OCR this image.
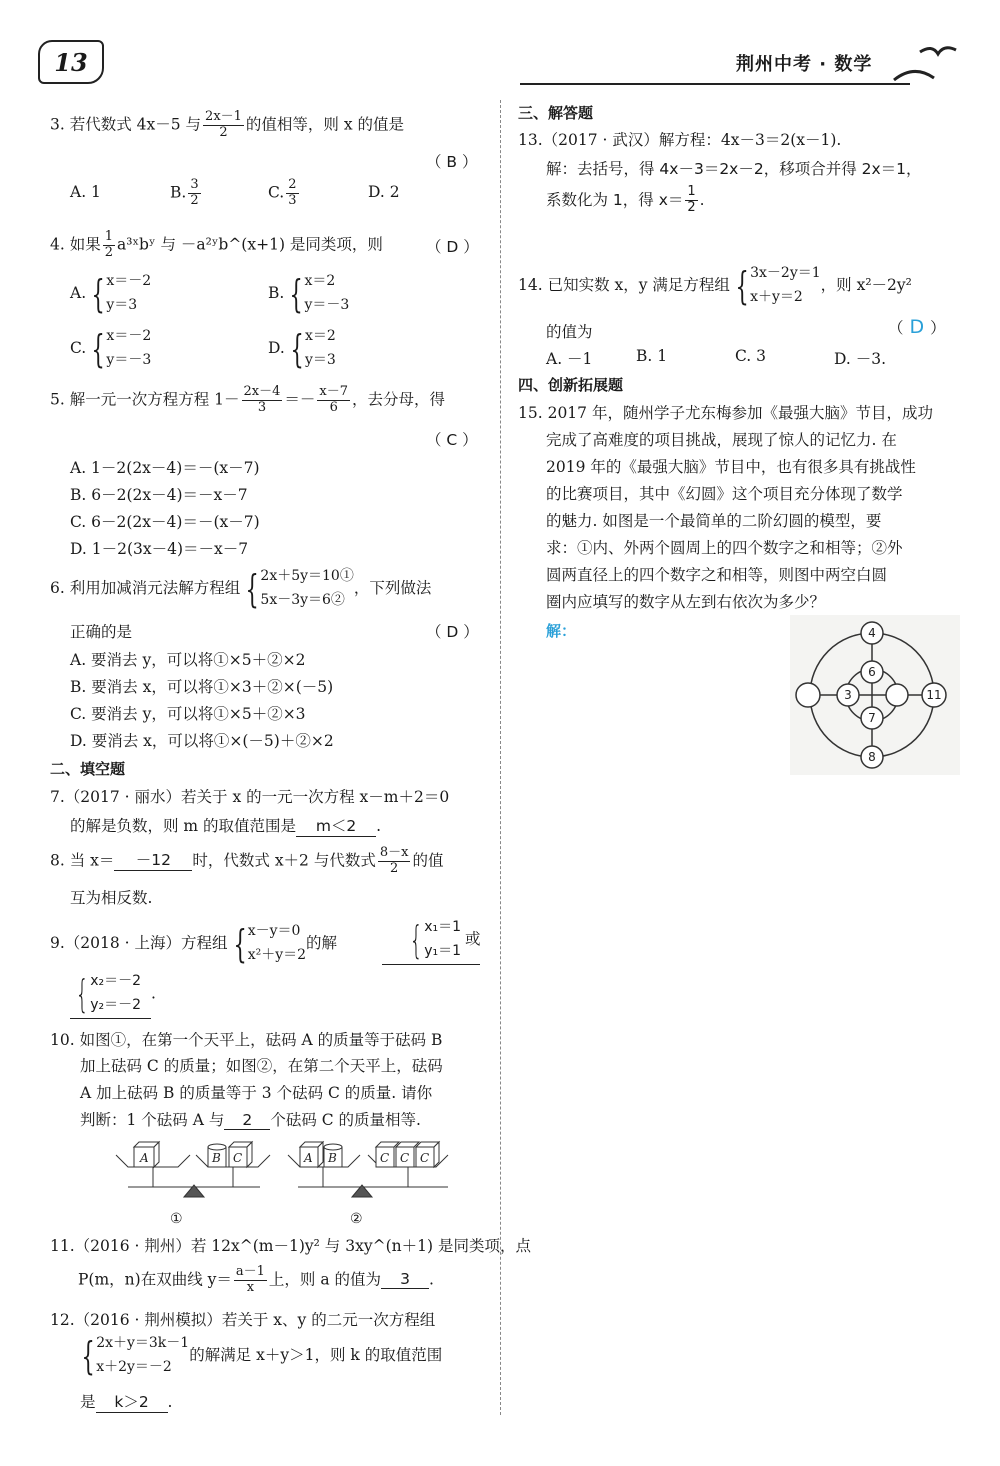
13	荆州中考 · 数学
3. 若代数式 4x－5 与 $\frac{2x-1}{2}$ 的值相等，则 x 的值是
（ B ）
A. 1	B. $\frac{3}{2}$	C. $\frac{2}{3}$	D. 2
4. 如果 $\frac{1}{2}$ a³ˣbʸ 与 －a²ʸb^(x+1) 是同类项，则	（ D ）
A. { x＝－2
y＝3
B. { x＝2
y＝－3
C. { x＝－2
y＝－3
D. { x＝2
y＝3
5. 解一元一次方程方程 $1- \frac{2x-4}{3} =- \frac{x-7}{6}$ ，去分母，得
（ C ）
A. 1－2(2x－4)＝－(x－7)
B. 6－2(2x－4)＝－x－7
C. 6－2(2x－4)＝－(x－7)
D. 1－2(3x－4)＝－x－7
6. 利用加减消元法解方程组 { 2x＋5y＝10①
5x－3y＝6②
，下列做法
正确的是	（ D ）
A. 要消去 y，可以将①×5＋②×2
B. 要消去 x，可以将①×3＋②×(－5)
C. 要消去 y，可以将①×5＋②×3
D. 要消去 x，可以将①×(－5)＋②×2
二、填空题
7.（2017 · 丽水）若关于 x 的一元一次方程 x－m＋2＝0
的解是负数，则 m 的取值范围是 m＜2 .
8. 当 x＝ －12 时，代数式 x＋2 与代数式 $\frac{8-x}{2}$ 的值
互为相反数.
9.（2018 · 上海）方程组 { x－y＝0
x²＋y＝2
的解 { x₁＝1
y₁＝1
或
{ x₂＝－2
y₂＝－2
.
10. 如图①，在第一个天平上，砝码 A 的质量等于砝码 B
加上砝码 C 的质量；如图②，在第二个天平上，砝码
A 加上砝码 B 的质量等于 3 个砝码 C 的质量. 请你
判断：1 个砝码 A 与 2 个砝码 C 的质量相等.
A	B C
①
A B	C C C
②
11.（2016 · 荆州）若 12x^(m－1)y² 与 3xy^(n＋1) 是同类项，点
P(m，n)在双曲线 $y= \frac{a-1}{x}$ 上，则 a 的值为 3 .
12.（2016 · 荆州模拟）若关于 x、y 的二元一次方程组
{ 2x＋y＝3k－1
x＋2y＝－2
的解满足 x＋y＞1，则 k 的取值范围
是 k＞2 .
三、解答题
13.（2017 · 武汉）解方程：4x－3＝2(x－1).
解：去括号，得 4x－3＝2x－2，移项合并得 2x＝1，
系数化为 1，得 $x= \frac{1}{2}$ .
14. 已知实数 x，y 满足方程组 { 3x－2y＝1
x＋y＝2
，则 x²－2y²
的值为	（ D ）
A. －1	B. 1	C. 3	D. －3.
四、创新拓展题
15. 2017 年，随州学子尤东梅参加《最强大脑》节目，成功
完成了高难度的项目挑战，展现了惊人的记忆力. 在
2019 年的《最强大脑》节目中，也有很多具有挑战性
的比赛项目，其中《幻圆》这个项目充分体现了数学
的魅力. 如图是一个最简单的二阶幻圆的模型，要
求：①内、外两个圆周上的四个数字之和相等；②外
圆两直径上的四个数字之和相等，则图中两空白圆
圈内应填写的数字从左到右依次为多少？
解：	4
6
3
7
8
11
